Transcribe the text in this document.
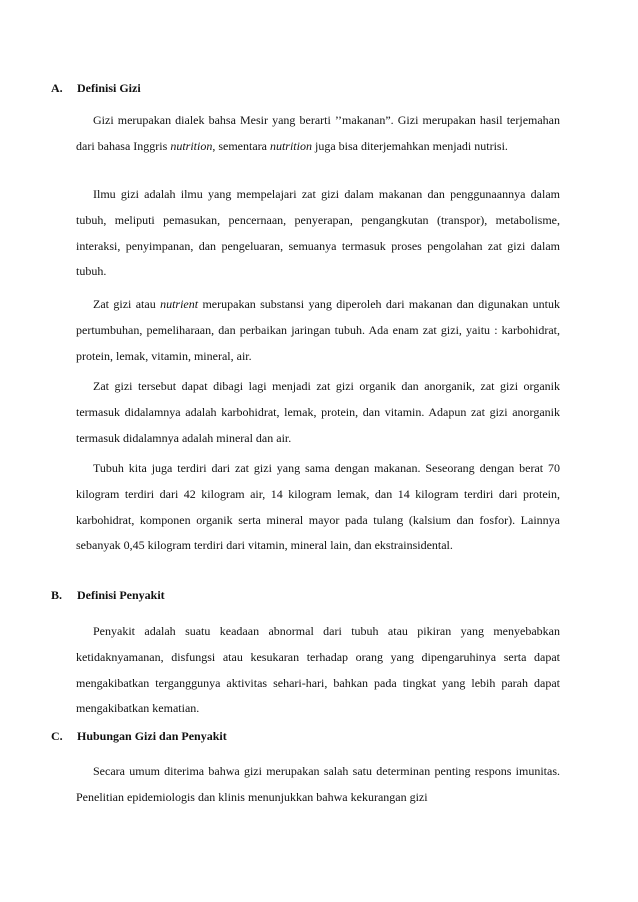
A. Definisi Gizi

Gizi merupakan dialek bahsa Mesir yang berarti ’’makanan”. Gizi merupakan hasil terjemahan dari bahasa Inggris nutrition, sementara nutrition juga bisa diterjemahkan menjadi nutrisi.

Ilmu gizi adalah ilmu yang mempelajari zat gizi dalam makanan dan penggunaannya dalam tubuh, meliputi pemasukan, pencernaan, penyerapan, pengangkutan (transpor), metabolisme, interaksi, penyimpanan, dan pengeluaran, semuanya termasuk proses pengolahan zat gizi dalam tubuh.

Zat gizi atau nutrient merupakan substansi yang diperoleh dari makanan dan digunakan untuk pertumbuhan, pemeliharaan, dan perbaikan jaringan tubuh. Ada enam zat gizi, yaitu : karbohidrat, protein, lemak, vitamin, mineral, air.

Zat gizi tersebut dapat dibagi lagi menjadi zat gizi organik dan anorganik, zat gizi organik termasuk didalamnya adalah karbohidrat, lemak, protein, dan vitamin. Adapun zat gizi anorganik termasuk didalamnya adalah mineral dan air.

Tubuh kita juga terdiri dari zat gizi yang sama dengan makanan. Seseorang dengan berat 70 kilogram terdiri dari 42 kilogram air, 14 kilogram lemak, dan 14 kilogram terdiri dari protein, karbohidrat, komponen organik serta mineral mayor pada tulang (kalsium dan fosfor). Lainnya sebanyak 0,45 kilogram terdiri dari vitamin, mineral lain, dan ekstrainsidental.

B. Definisi Penyakit

Penyakit adalah suatu keadaan abnormal dari tubuh atau pikiran yang menyebabkan ketidaknyamanan, disfungsi atau kesukaran terhadap orang yang dipengaruhinya serta dapat mengakibatkan terganggunya aktivitas sehari-hari, bahkan pada tingkat yang lebih parah dapat mengakibatkan kematian.

C. Hubungan Gizi dan Penyakit

Secara umum diterima bahwa gizi merupakan salah satu determinan penting respons imunitas. Penelitian epidemiologis dan klinis menunjukkan bahwa kekurangan gizi
